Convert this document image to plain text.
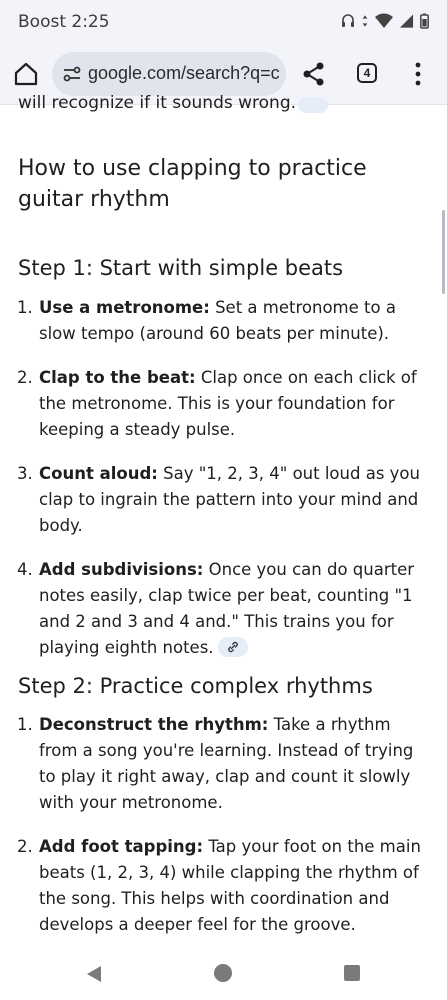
Boost 2:25
google.com/search?q=c	4
will recognize if it sounds wrong.
How to use clapping to practice guitar rhythm
Step 1: Start with simple beats
1. Use a metronome: Set a metronome to a slow tempo (around 60 beats per minute).
2. Clap to the beat: Clap once on each click of the metronome. This is your foundation for keeping a steady pulse.
3. Count aloud: Say "1, 2, 3, 4" out loud as you clap to ingrain the pattern into your mind and body.
4. Add subdivisions: Once you can do quarter notes easily, clap twice per beat, counting "1 and 2 and 3 and 4 and." This trains you for playing eighth notes.
Step 2: Practice complex rhythms
1. Deconstruct the rhythm: Take a rhythm from a song you're learning. Instead of trying to play it right away, clap and count it slowly with your metronome.
2. Add foot tapping: Tap your foot on the main beats (1, 2, 3, 4) while clapping the rhythm of the song. This helps with coordination and develops a deeper feel for the groove.
